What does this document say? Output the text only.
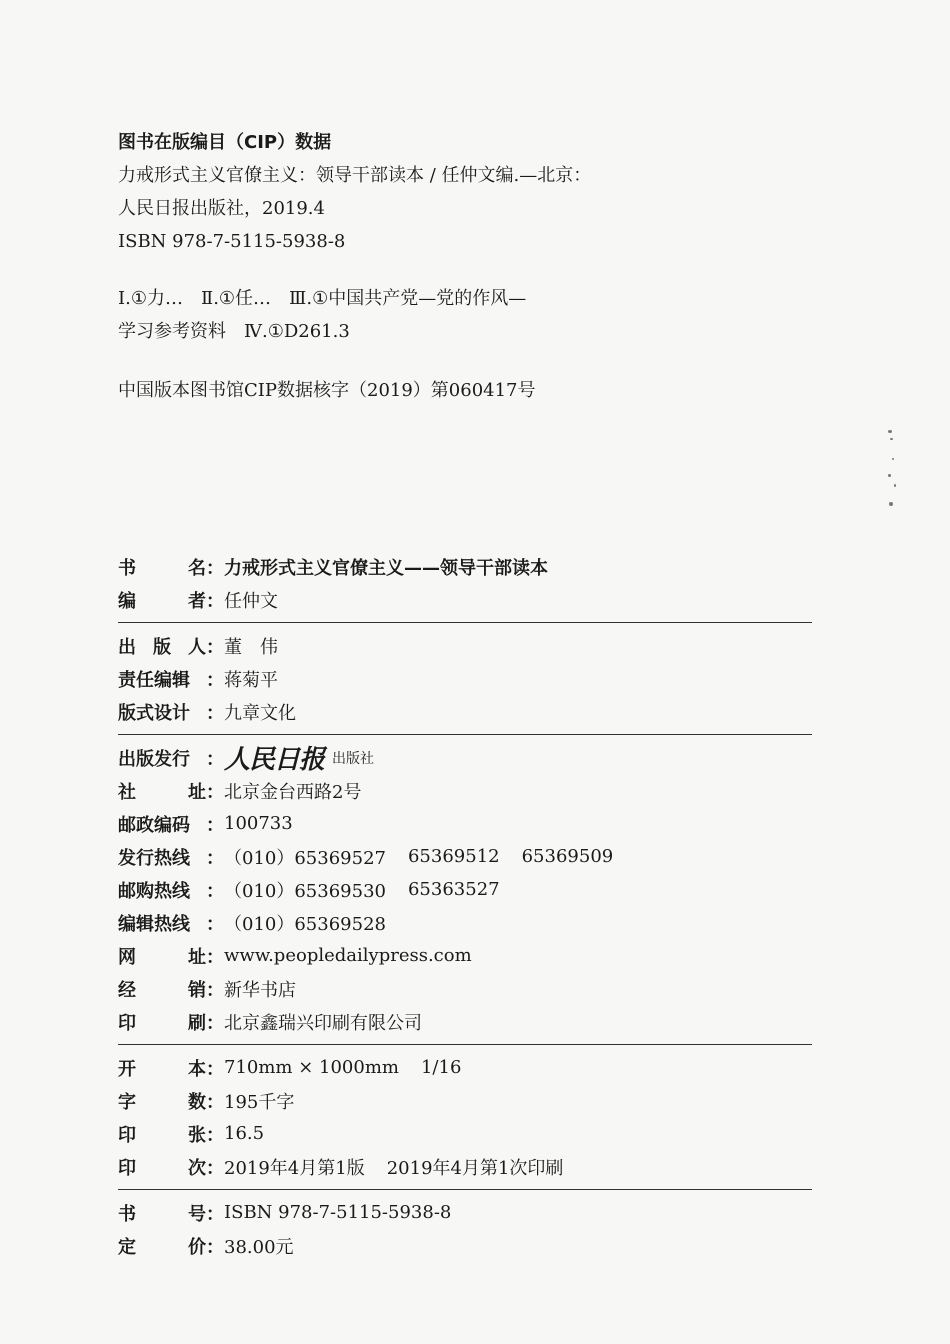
图书在版编目（CIP）数据
力戒形式主义官僚主义：领导干部读本 / 任仲文编.—北京：
人民日报出版社，2019.4
ISBN 978-7-5115-5938-8
Ⅰ.①力…　Ⅱ.①任…　Ⅲ.①中国共产党—党的作风—
学习参考资料　Ⅳ.①D261.3
中国版本图书馆CIP数据核字（2019）第060417号
书	名 ： 力戒形式主义官僚主义——领导干部读本
编	者 ： 任仲文
出 版 人 ： 董　伟
责任编辑 ： 蒋菊平
版式设计 ： 九章文化
出版发行 ： 人民日报 出版社
社	址 ： 北京金台西路2号
邮政编码 ： 100733
发行热线 ： （010）65369527 65369512 65369509
邮购热线 ： （010）65369530 65363527
编辑热线 ： （010）65369528
网	址 ： www.peopledailypress.com
经	销 ： 新华书店
印	刷 ： 北京鑫瑞兴印刷有限公司
开	本 ： 710mm × 1000mm 1/16
字	数 ： 195千字
印	张 ： 16.5
印	次 ： 2019年4月第1版 2019年4月第1次印刷
书	号 ： ISBN 978-7-5115-5938-8
定	价 ： 38.00元
